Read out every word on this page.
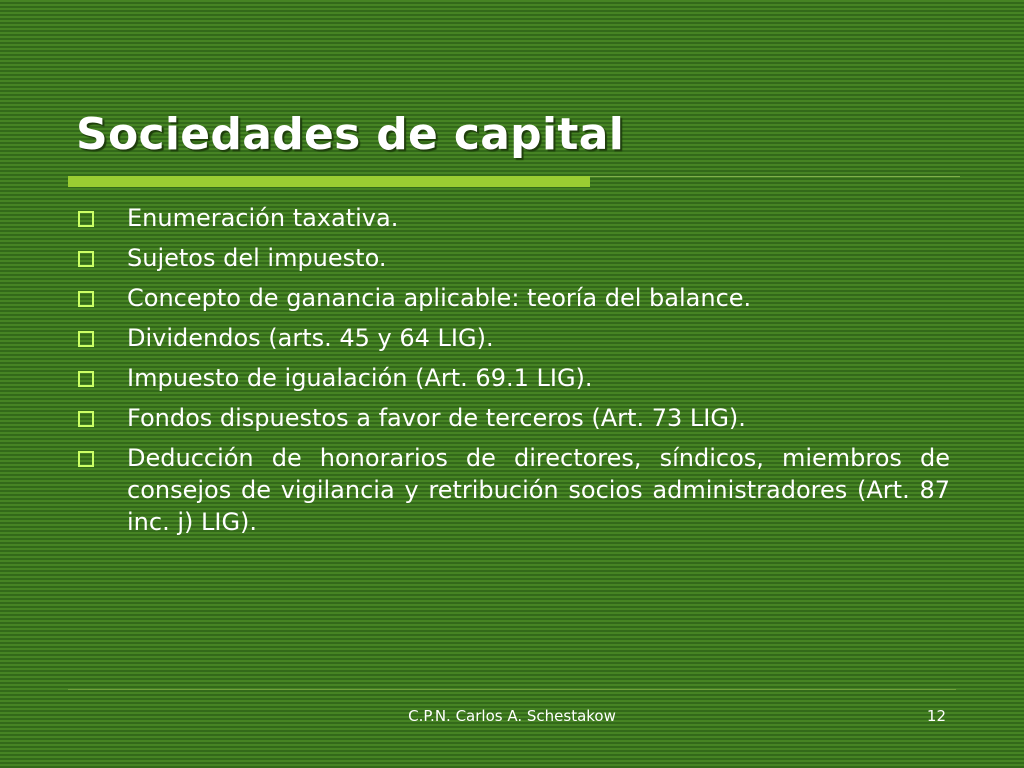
Sociedades de capital
Enumeración taxativa.
Sujetos del impuesto.
Concepto de ganancia aplicable: teoría del balance.
Dividendos (arts. 45 y 64 LIG).
Impuesto de igualación (Art. 69.1 LIG).
Fondos dispuestos a favor de terceros (Art. 73 LIG).
Deducción de honorarios de directores, síndicos, miembros de consejos de vigilancia y retribución socios administradores (Art. 87 inc. j) LIG).
C.P.N. Carlos A. Schestakow	12
